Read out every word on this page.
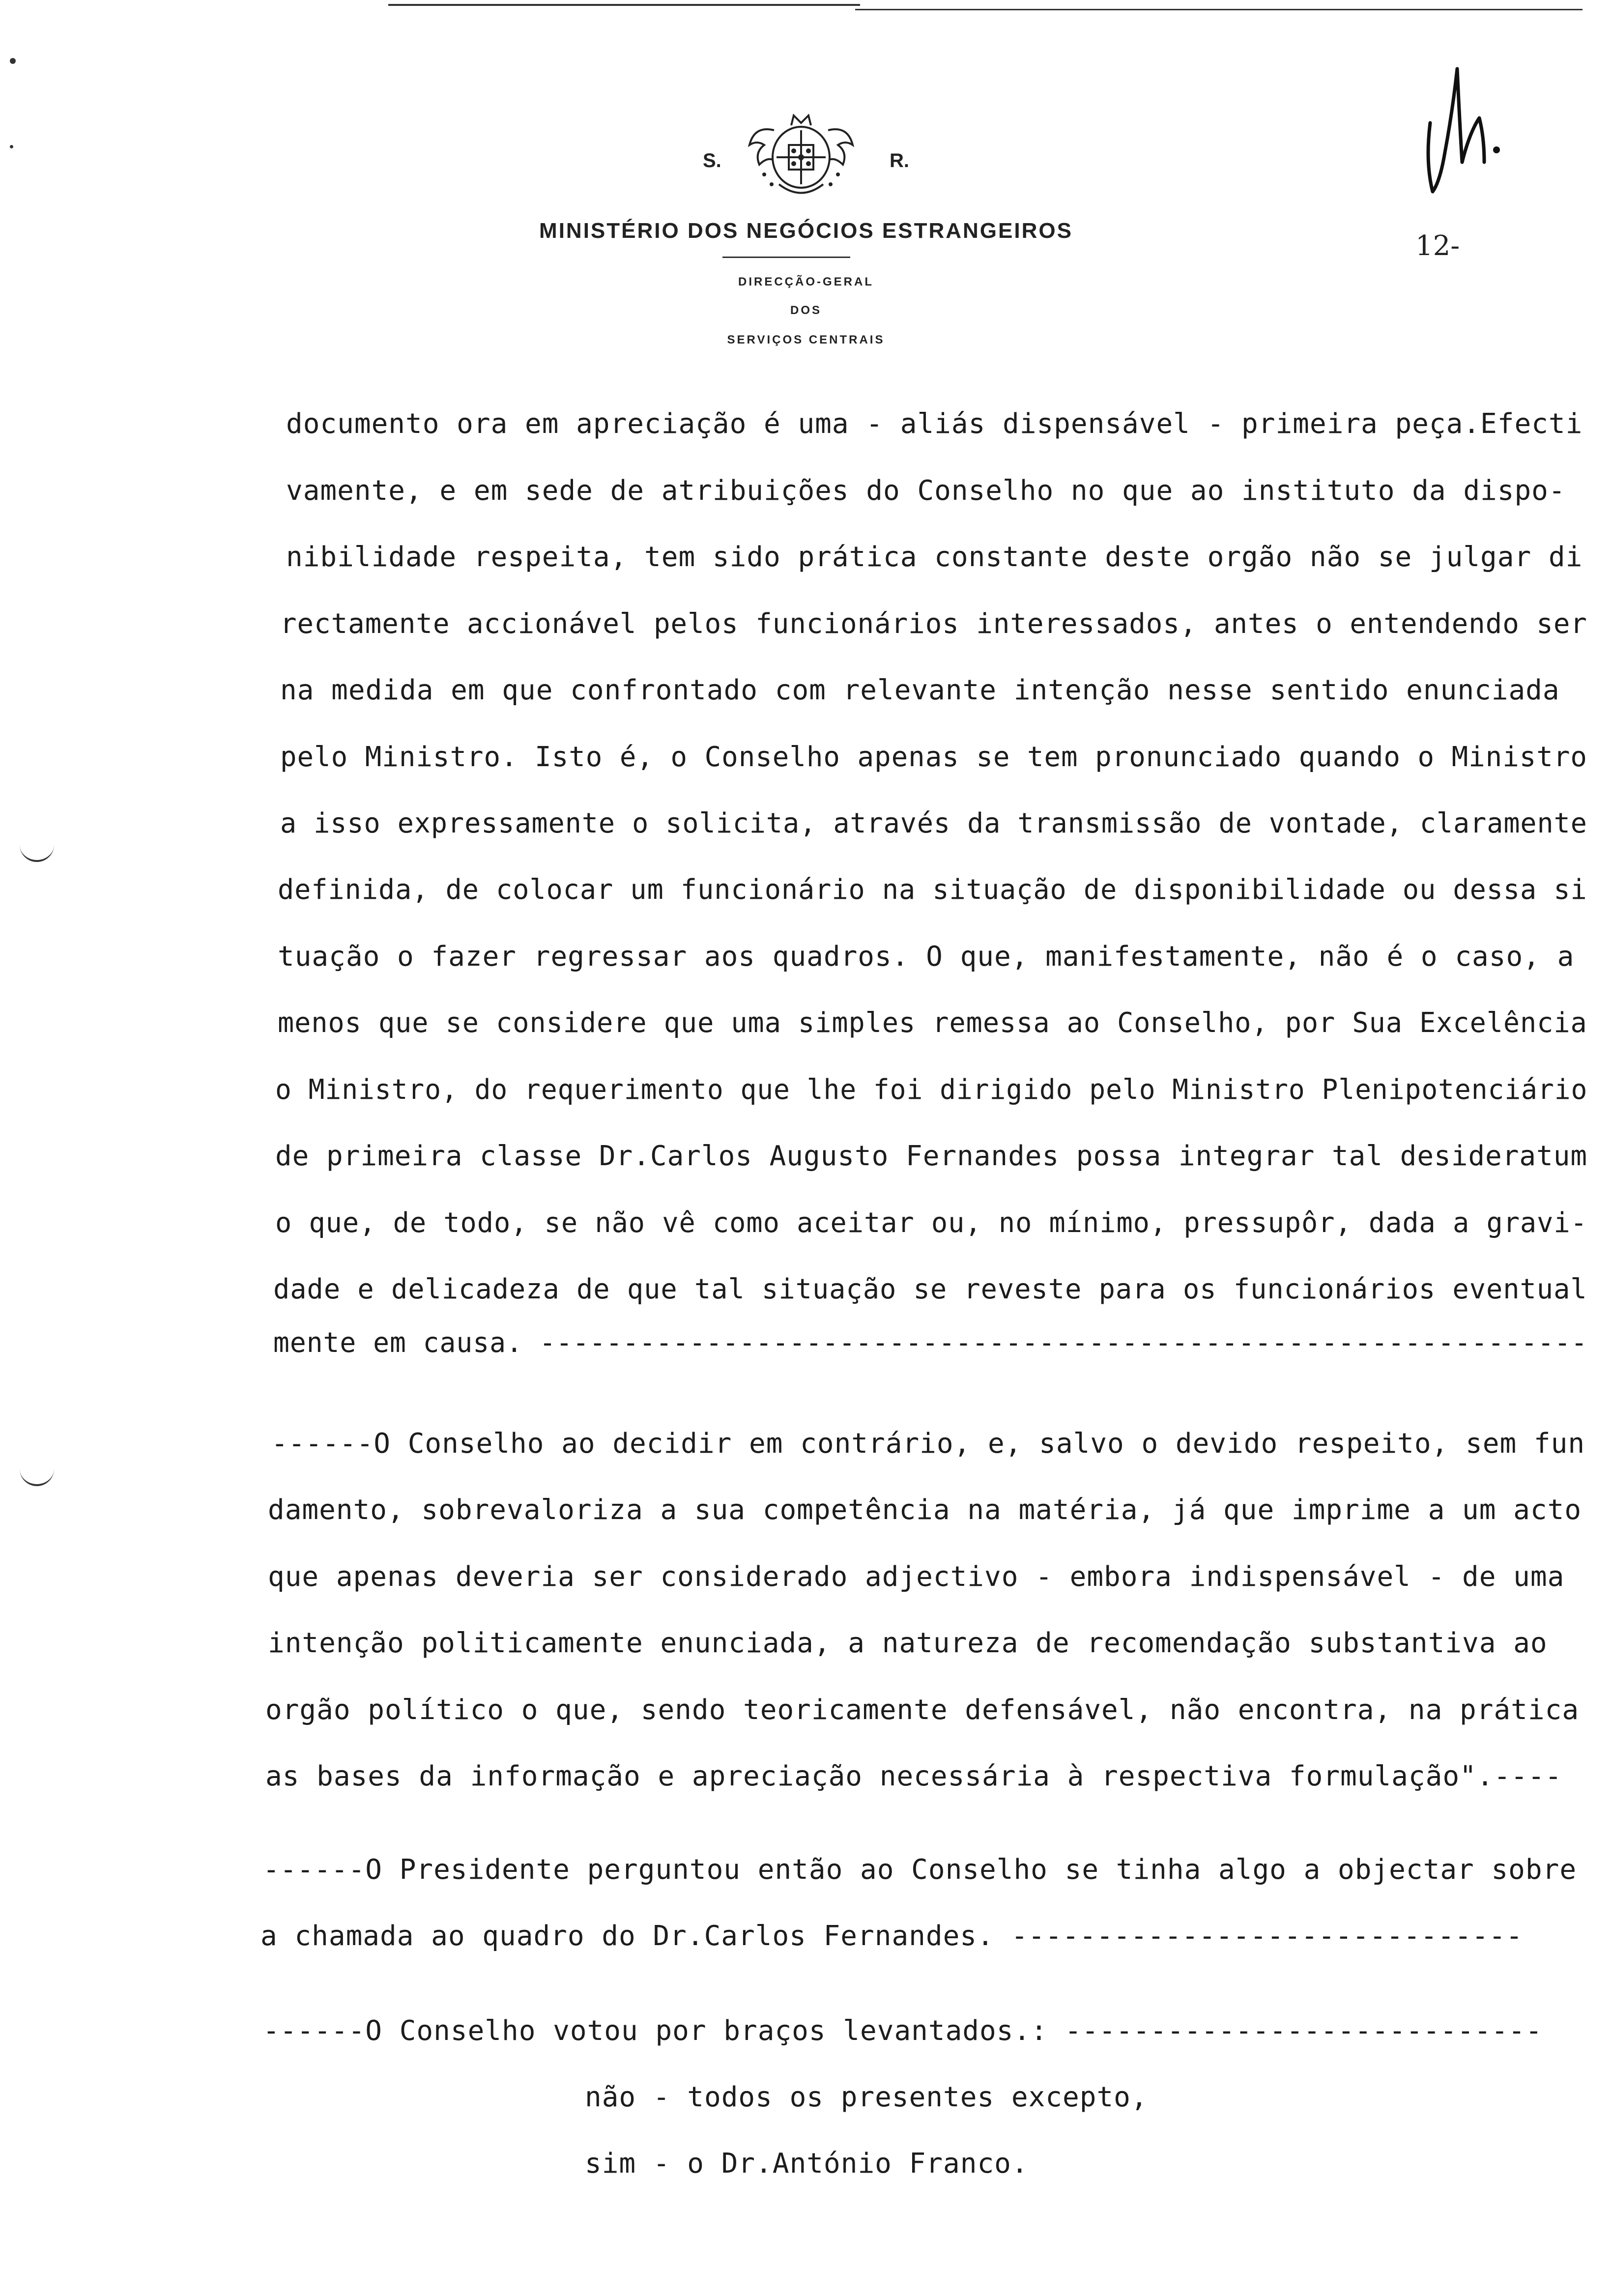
S.	R.
MINISTÉRIO DOS NEGÓCIOS ESTRANGEIROS
DIRECÇÃO-GERAL
DOS
SERVIÇOS CENTRAIS
12-
documento ora em apreciação é uma - aliás dispensável - primeira peça.Efecti
vamente, e em sede de atribuições do Conselho no que ao instituto da dispo-
nibilidade respeita, tem sido prática constante deste orgão não se julgar di
rectamente accionável pelos funcionários interessados, antes o entendendo ser
na medida em que confrontado com relevante intenção nesse sentido enunciada
pelo Ministro. Isto é, o Conselho apenas se tem pronunciado quando o Ministro
a isso expressamente o solicita, através da transmissão de vontade, claramente
definida, de colocar um funcionário na situação de disponibilidade ou dessa si
tuação o fazer regressar aos quadros. O que, manifestamente, não é o caso, a
menos que se considere que uma simples remessa ao Conselho, por Sua Excelência
o Ministro, do requerimento que lhe foi dirigido pelo Ministro Plenipotenciário
de primeira classe Dr.Carlos Augusto Fernandes possa integrar tal desideratum
o que, de todo, se não vê como aceitar ou, no mínimo, pressupôr, dada a gravi-
dade e delicadeza de que tal situação se reveste para os funcionários eventual
mente em causa. ---------------------------------------------------------------
------O Conselho ao decidir em contrário, e, salvo o devido respeito, sem fun
damento, sobrevaloriza a sua competência na matéria, já que imprime a um acto
que apenas deveria ser considerado adjectivo - embora indispensável - de uma
intenção politicamente enunciada, a natureza de recomendação substantiva ao
orgão político o que, sendo teoricamente defensável, não encontra, na prática
as bases da informação e apreciação necessária à respectiva formulação".----
------O Presidente perguntou então ao Conselho se tinha algo a objectar sobre
a chamada ao quadro do Dr.Carlos Fernandes. ------------------------------
------O Conselho votou por braços levantados.: ----------------------------
não - todos os presentes excepto,
sim - o Dr.António Franco.
